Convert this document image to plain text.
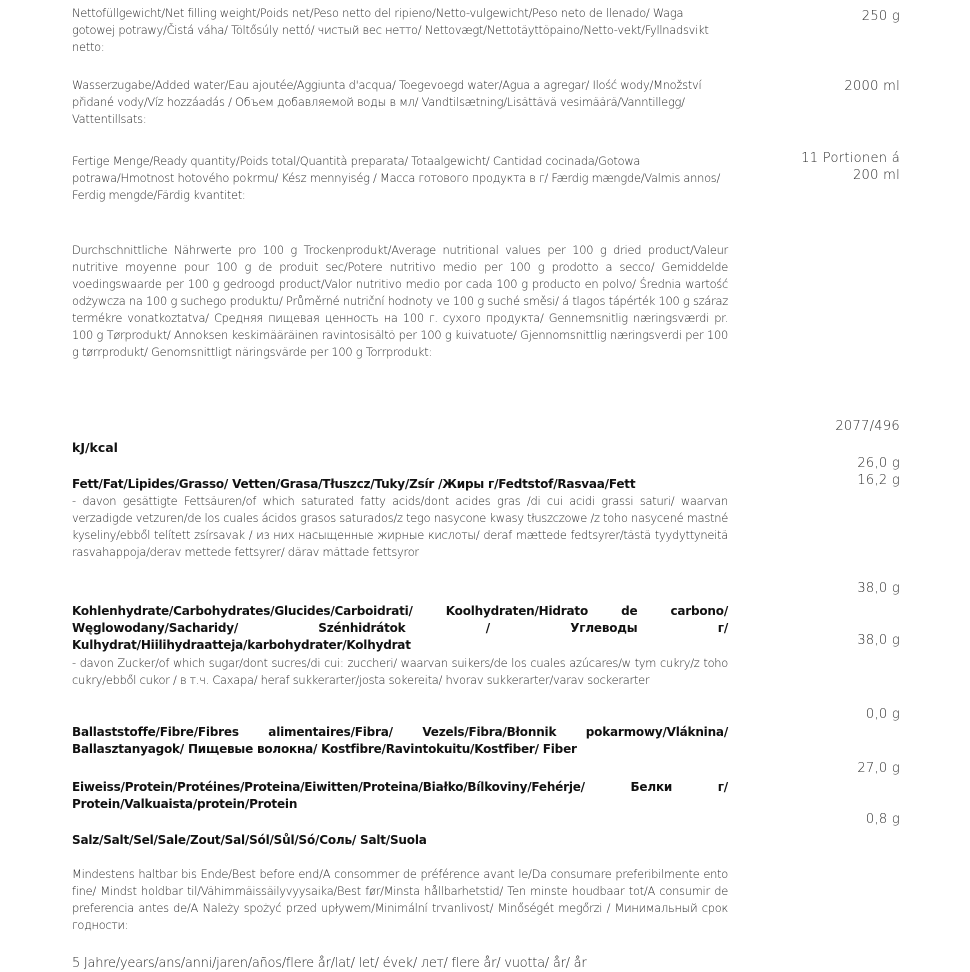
Nettofüllgewicht/Net filling weight/Poids net/Peso netto del ripieno/Netto-vulgewicht/Peso neto de llenado/ Waga gotowej potrawy/Čistá váha/ Töltősúly nettó/ чистый вес нетто/ Nettovægt/Nettotäyttöpaino/Netto-vekt/Fyllnadsvikt netto:
250 g
Wasserzugabe/Added water/Eau ajoutée/Aggiunta d'acqua/ Toegevoegd water/Agua a agregar/ Ilość wody/Množství přidané vody/Víz hozzáadás / Объем добавляемой воды в мл/ Vandtilsætning/Lisättävä vesimäärä/Vanntillegg/ Vattentillsats:
2000 ml
Fertige Menge/Ready quantity/Poids total/Quantità preparata/ Totaalgewicht/ Cantidad cocinada/Gotowa potrawa/Hmotnost hotového pokrmu/ Kész mennyiség / Масса готового продукта в г/ Færdig mængde/Valmis annos/ Ferdig mengde/Färdig kvantitet:
11 Portionen á
200 ml
Durchschnittliche Nährwerte pro 100 g Trockenprodukt/Average nutritional values per 100 g dried product/Valeur nutritive moyenne pour 100 g de produit sec/Potere nutritivo medio per 100 g prodotto a secco/ Gemiddelde voedingswaarde per 100 g gedroogd product/Valor nutritivo medio por cada 100 g producto en polvo/ Średnia wartość odżywcza na 100 g suchego produktu/ Průměrné nutriční hodnoty ve 100 g suché směsi/ á tlagos tápérték 100 g száraz termékre vonatkoztatva/ Средняя пищевая ценность на 100 г. сухого продукта/ Gennemsnitlig næringsværdi pr. 100 g Tørprodukt/ Annoksen keskimääräinen ravintosisältö per 100 g kuivatuote/ Gjennomsnittlig næringsverdi per 100 g tørrprodukt/ Genomsnittligt näringsvärde per 100 g Torrprodukt:
2077/496
kJ/kcal
26,0 g
16,2 g
Fett/Fat/Lipides/Grasso/ Vetten/Grasa/Tłuszcz/Tuky/Zsír /Жиры г/Fedtstof/Rasvaa/Fett
- davon gesättigte Fettsäuren/of which saturated fatty acids/dont acides gras /di cui acidi grassi saturi/ waarvan verzadigde vetzuren/de los cuales ácidos grasos saturados/z tego nasycone kwasy tłuszczowe /z toho nasycené mastné kyseliny/ebből telített zsírsavak / из них насыщенные жирные кислоты/ deraf mættede fedtsyrer/tästä tyydyttyneitä rasvahappoja/derav mettede fettsyrer/ därav mättade fettsyror
38,0 g
Kohlenhydrate/Carbohydrates/Glucides/Carboidrati/ Koolhydraten/Hidrato de carbono/ Węglowodany/Sacharidy/ Szénhidrátok / Углеводы г/ Kulhydrat/Hiilihydraatteja/karbohydrater/Kolhydrat	38,0 g
- davon Zucker/of which sugar/dont sucres/di cui: zuccheri/ waarvan suikers/de los cuales azúcares/w tym cukry/z toho cukry/ebből cukor / в т.ч. Сахара/ heraf sukkerarter/josta sokereita/ hvorav sukkerarter/varav sockerarter
0,0 g
Ballaststoffe/Fibre/Fibres alimentaires/Fibra/ Vezels/Fibra/Błonnik pokarmowy/Vláknina/ Ballasztanyagok/ Пищевые волокна/ Kostfibre/Ravintokuitu/Kostfiber/ Fiber
27,0 g
Eiweiss/Protein/Protéines/Proteina/Eiwitten/Proteina/Białko/Bílkoviny/Fehérje/ Белки г/ Protein/Valkuaista/protein/Protein
0,8 g
Salz/Salt/Sel/Sale/Zout/Sal/Sól/Sůl/Só/Соль/ Salt/Suola
Mindestens haltbar bis Ende/Best before end/A consommer de préférence avant le/Da consumare preferibilmente ento fine/ Mindst holdbar til/Vähimmäissäilyvyysaika/Best før/Minsta hållbarhetstid/ Ten minste houdbaar tot/A consumir de preferencia antes de/A Należy spożyć przed upływem/Minimální trvanlivost/ Minőségét megőrzi / Минимальный срок годности:
5 Jahre/years/ans/anni/jaren/años/flere år/lat/ let/ évek/ лет/ flere år/ vuotta/ år/ år
